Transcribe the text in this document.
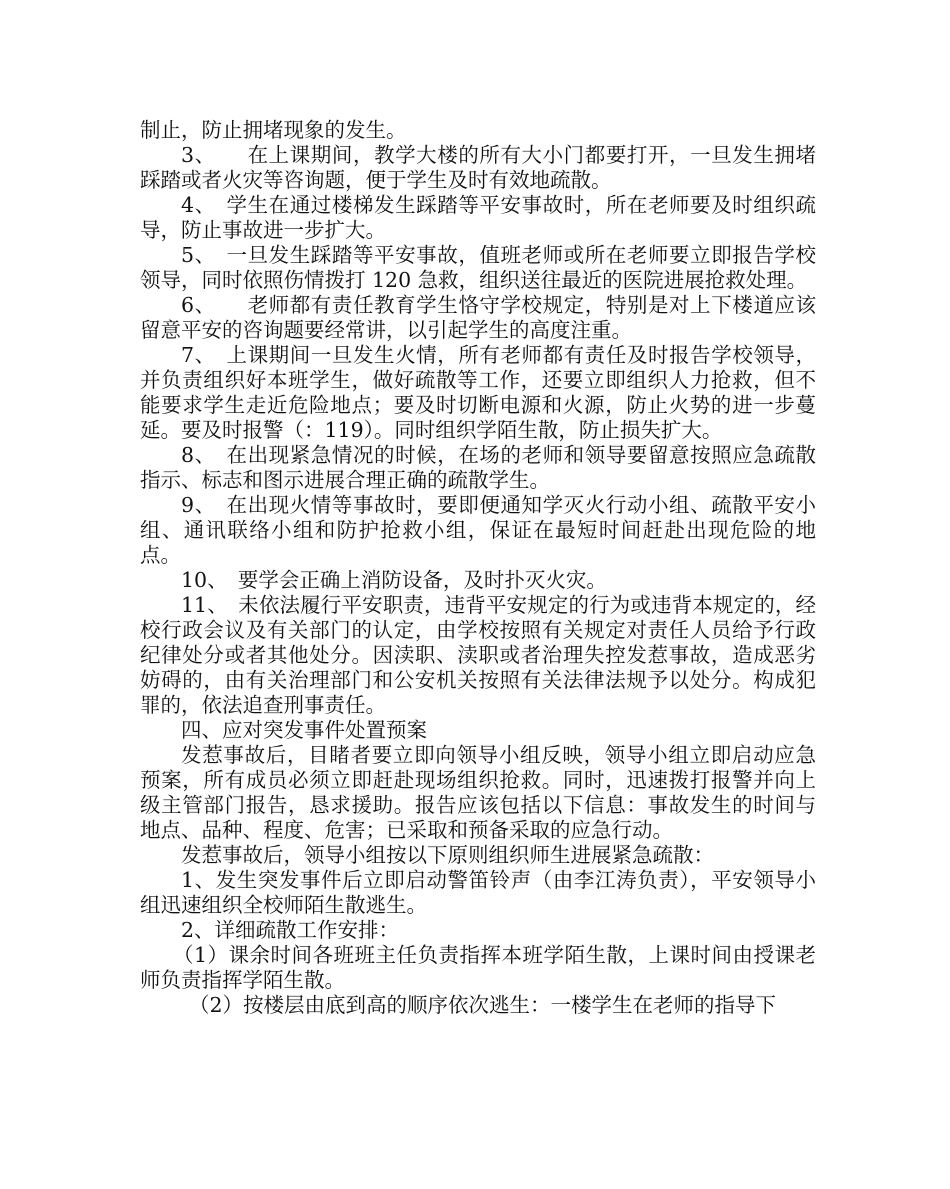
制止，防止拥堵现象的发生。

3、　　在上课期间，教学大楼的所有大小门都要打开，一旦发生拥堵踩踏或者火灾等咨询题，便于学生及时有效地疏散。

4、　学生在通过楼梯发生踩踏等平安事故时，所在老师要及时组织疏导，防止事故进一步扩大。

5、　一旦发生踩踏等平安事故，值班老师或所在老师要立即报告学校领导，同时依照伤情拨打 120 急救，组织送往最近的医院进展抢救处理。

6、　　老师都有责任教育学生恪守学校规定，特别是对上下楼道应该留意平安的咨询题要经常讲，以引起学生的高度注重。

7、　上课期间一旦发生火情，所有老师都有责任及时报告学校领导，并负责组织好本班学生，做好疏散等工作，还要立即组织人力抢救，但不能要求学生走近危险地点；要及时切断电源和火源，防止火势的进一步蔓延。要及时报警（：119）。同时组织学陌生散，防止损失扩大。

8、　在出现紧急情况的时候，在场的老师和领导要留意按照应急疏散指示、标志和图示进展合理正确的疏散学生。

9、　在出现火情等事故时，要即便通知学灭火行动小组、疏散平安小组、通讯联络小组和防护抢救小组，保证在最短时间赶赴出现危险的地点。

10、　要学会正确上消防设备，及时扑灭火灾。

11、　未依法履行平安职责，违背平安规定的行为或违背本规定的，经校行政会议及有关部门的认定，由学校按照有关规定对责任人员给予行政纪律处分或者其他处分。因渎职、渎职或者治理失控发惹事故，造成恶劣妨碍的，由有关治理部门和公安机关按照有关法律法规予以处分。构成犯罪的，依法追查刑事责任。

四、应对突发事件处置预案

发惹事故后，目睹者要立即向领导小组反映，领导小组立即启动应急预案，所有成员必须立即赶赴现场组织抢救。同时，迅速拨打报警并向上级主管部门报告，恳求援助。报告应该包括以下信息：事故发生的时间与地点、品种、程度、危害；已采取和预备采取的应急行动。

发惹事故后，领导小组按以下原则组织师生进展紧急疏散：

1、发生突发事件后立即启动警笛铃声（由李江涛负责），平安领导小组迅速组织全校师陌生散逃生。

2、详细疏散工作安排：

（1）课余时间各班班主任负责指挥本班学陌生散，上课时间由授课老师负责指挥学陌生散。

（2）按楼层由底到高的顺序依次逃生：一楼学生在老师的指导下
